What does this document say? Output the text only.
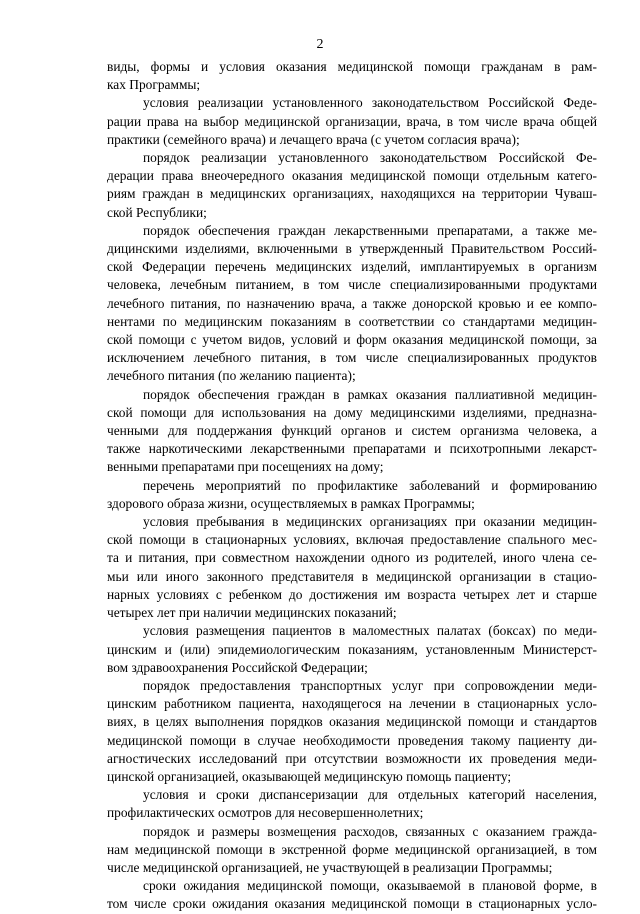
2
виды, формы и условия оказания медицинской помощи гражданам в рам-
ках Программы;
условия реализации установленного законодательством Российской Феде-
рации права на выбор медицинской организации, врача, в том числе врача общей
практики (семейного врача) и лечащего врача (с учетом согласия врача);
порядок реализации установленного законодательством Российской Фе-
дерации права внеочередного оказания медицинской помощи отдельным катего-
риям граждан в медицинских организациях, находящихся на территории Чуваш-
ской Республики;
порядок обеспечения граждан лекарственными препаратами, а также ме-
дицинскими изделиями, включенными в утвержденный Правительством Россий-
ской Федерации перечень медицинских изделий, имплантируемых в организм
человека, лечебным питанием, в том числе специализированными продуктами
лечебного питания, по назначению врача, а также донорской кровью и ее компо-
нентами по медицинским показаниям в соответствии со стандартами медицин-
ской помощи с учетом видов, условий и форм оказания медицинской помощи, за
исключением лечебного питания, в том числе специализированных продуктов
лечебного питания (по желанию пациента);
порядок обеспечения граждан в рамках оказания паллиативной медицин-
ской помощи для использования на дому медицинскими изделиями, предназна-
ченными для поддержания функций органов и систем организма человека, а
также наркотическими лекарственными препаратами и психотропными лекарст-
венными препаратами при посещениях на дому;
перечень мероприятий по профилактике заболеваний и формированию
здорового образа жизни, осуществляемых в рамках Программы;
условия пребывания в медицинских организациях при оказании медицин-
ской помощи в стационарных условиях, включая предоставление спального мес-
та и питания, при совместном нахождении одного из родителей, иного члена се-
мьи или иного законного представителя в медицинской организации в стацио-
нарных условиях с ребенком до достижения им возраста четырех лет и старше
четырех лет при наличии медицинских показаний;
условия размещения пациентов в маломестных палатах (боксах) по меди-
цинским и (или) эпидемиологическим показаниям, установленным Министерст-
вом здравоохранения Российской Федерации;
порядок предоставления транспортных услуг при сопровождении меди-
цинским работником пациента, находящегося на лечении в стационарных усло-
виях, в целях выполнения порядков оказания медицинской помощи и стандартов
медицинской помощи в случае необходимости проведения такому пациенту ди-
агностических исследований при отсутствии возможности их проведения меди-
цинской организацией, оказывающей медицинскую помощь пациенту;
условия и сроки диспансеризации для отдельных категорий населения,
профилактических осмотров для несовершеннолетних;
порядок и размеры возмещения расходов, связанных с оказанием гражда-
нам медицинской помощи в экстренной форме медицинской организацией, в том
числе медицинской организацией, не участвующей в реализации Программы;
сроки ожидания медицинской помощи, оказываемой в плановой форме, в
том числе сроки ожидания оказания медицинской помощи в стационарных усло-
